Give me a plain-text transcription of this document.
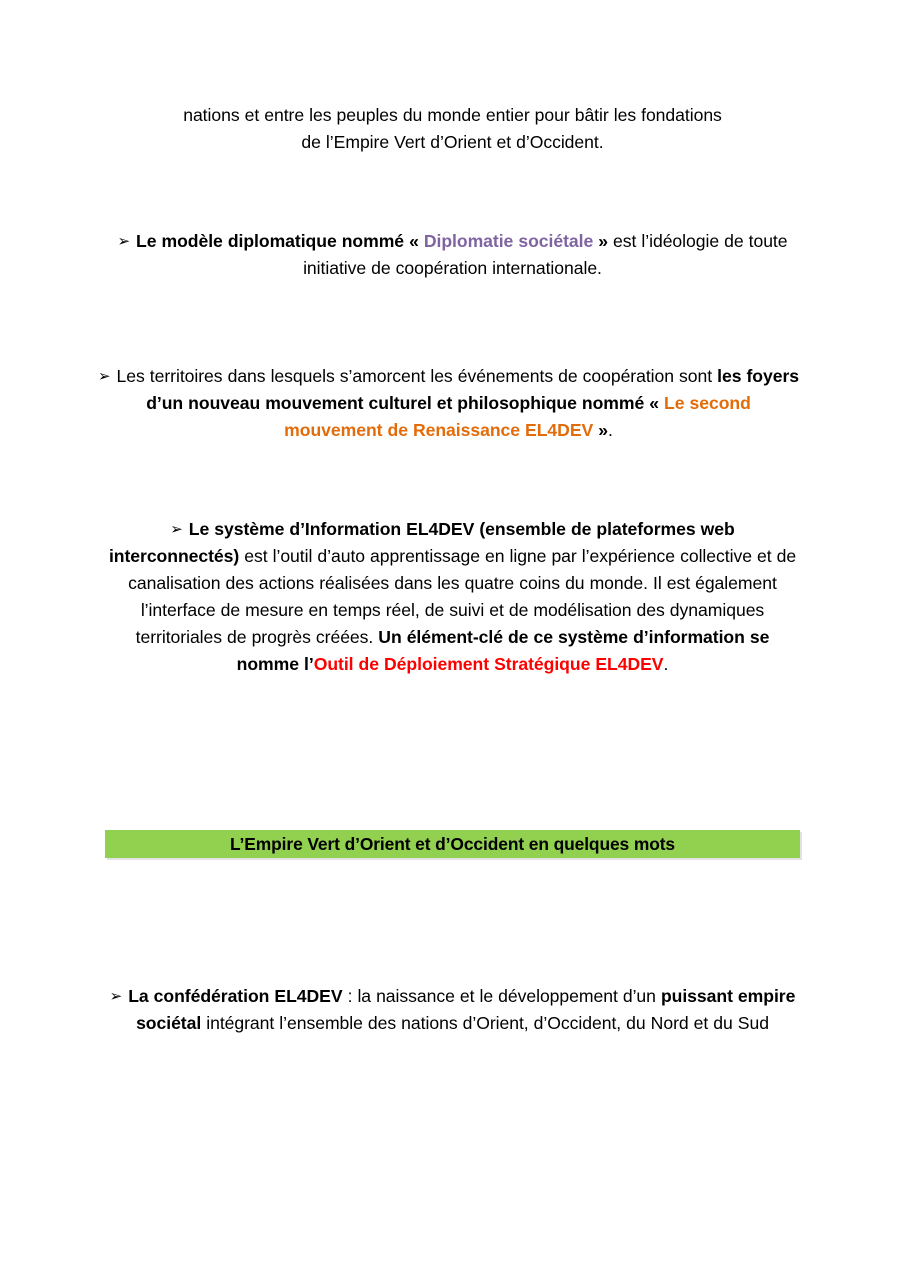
nations et entre les peuples du monde entier pour bâtir les fondations
de l’Empire Vert d’Orient et d’Occident.
➢ Le modèle diplomatique nommé « Diplomatie sociétale » est l’idéologie de toute initiative de coopération internationale.
➢ Les territoires dans lesquels s’amorcent les événements de coopération sont les foyers d’un nouveau mouvement culturel et philosophique nommé « Le second mouvement de Renaissance EL4DEV ».
➢ Le système d’Information EL4DEV (ensemble de plateformes web interconnectés) est l’outil d’auto apprentissage en ligne par l’expérience collective et de canalisation des actions réalisées dans les quatre coins du monde. Il est également l’interface de mesure en temps réel, de suivi et de modélisation des dynamiques territoriales de progrès créées. Un élément-clé de ce système d’information se nomme l’Outil de Déploiement Stratégique EL4DEV.
➢ La confédération EL4DEV : la naissance et le développement d’un puissant empire sociétal intégrant l’ensemble des nations d’Orient, d’Occident, du Nord et du Sud
L’Empire Vert d’Orient et d’Occident en quelques mots
